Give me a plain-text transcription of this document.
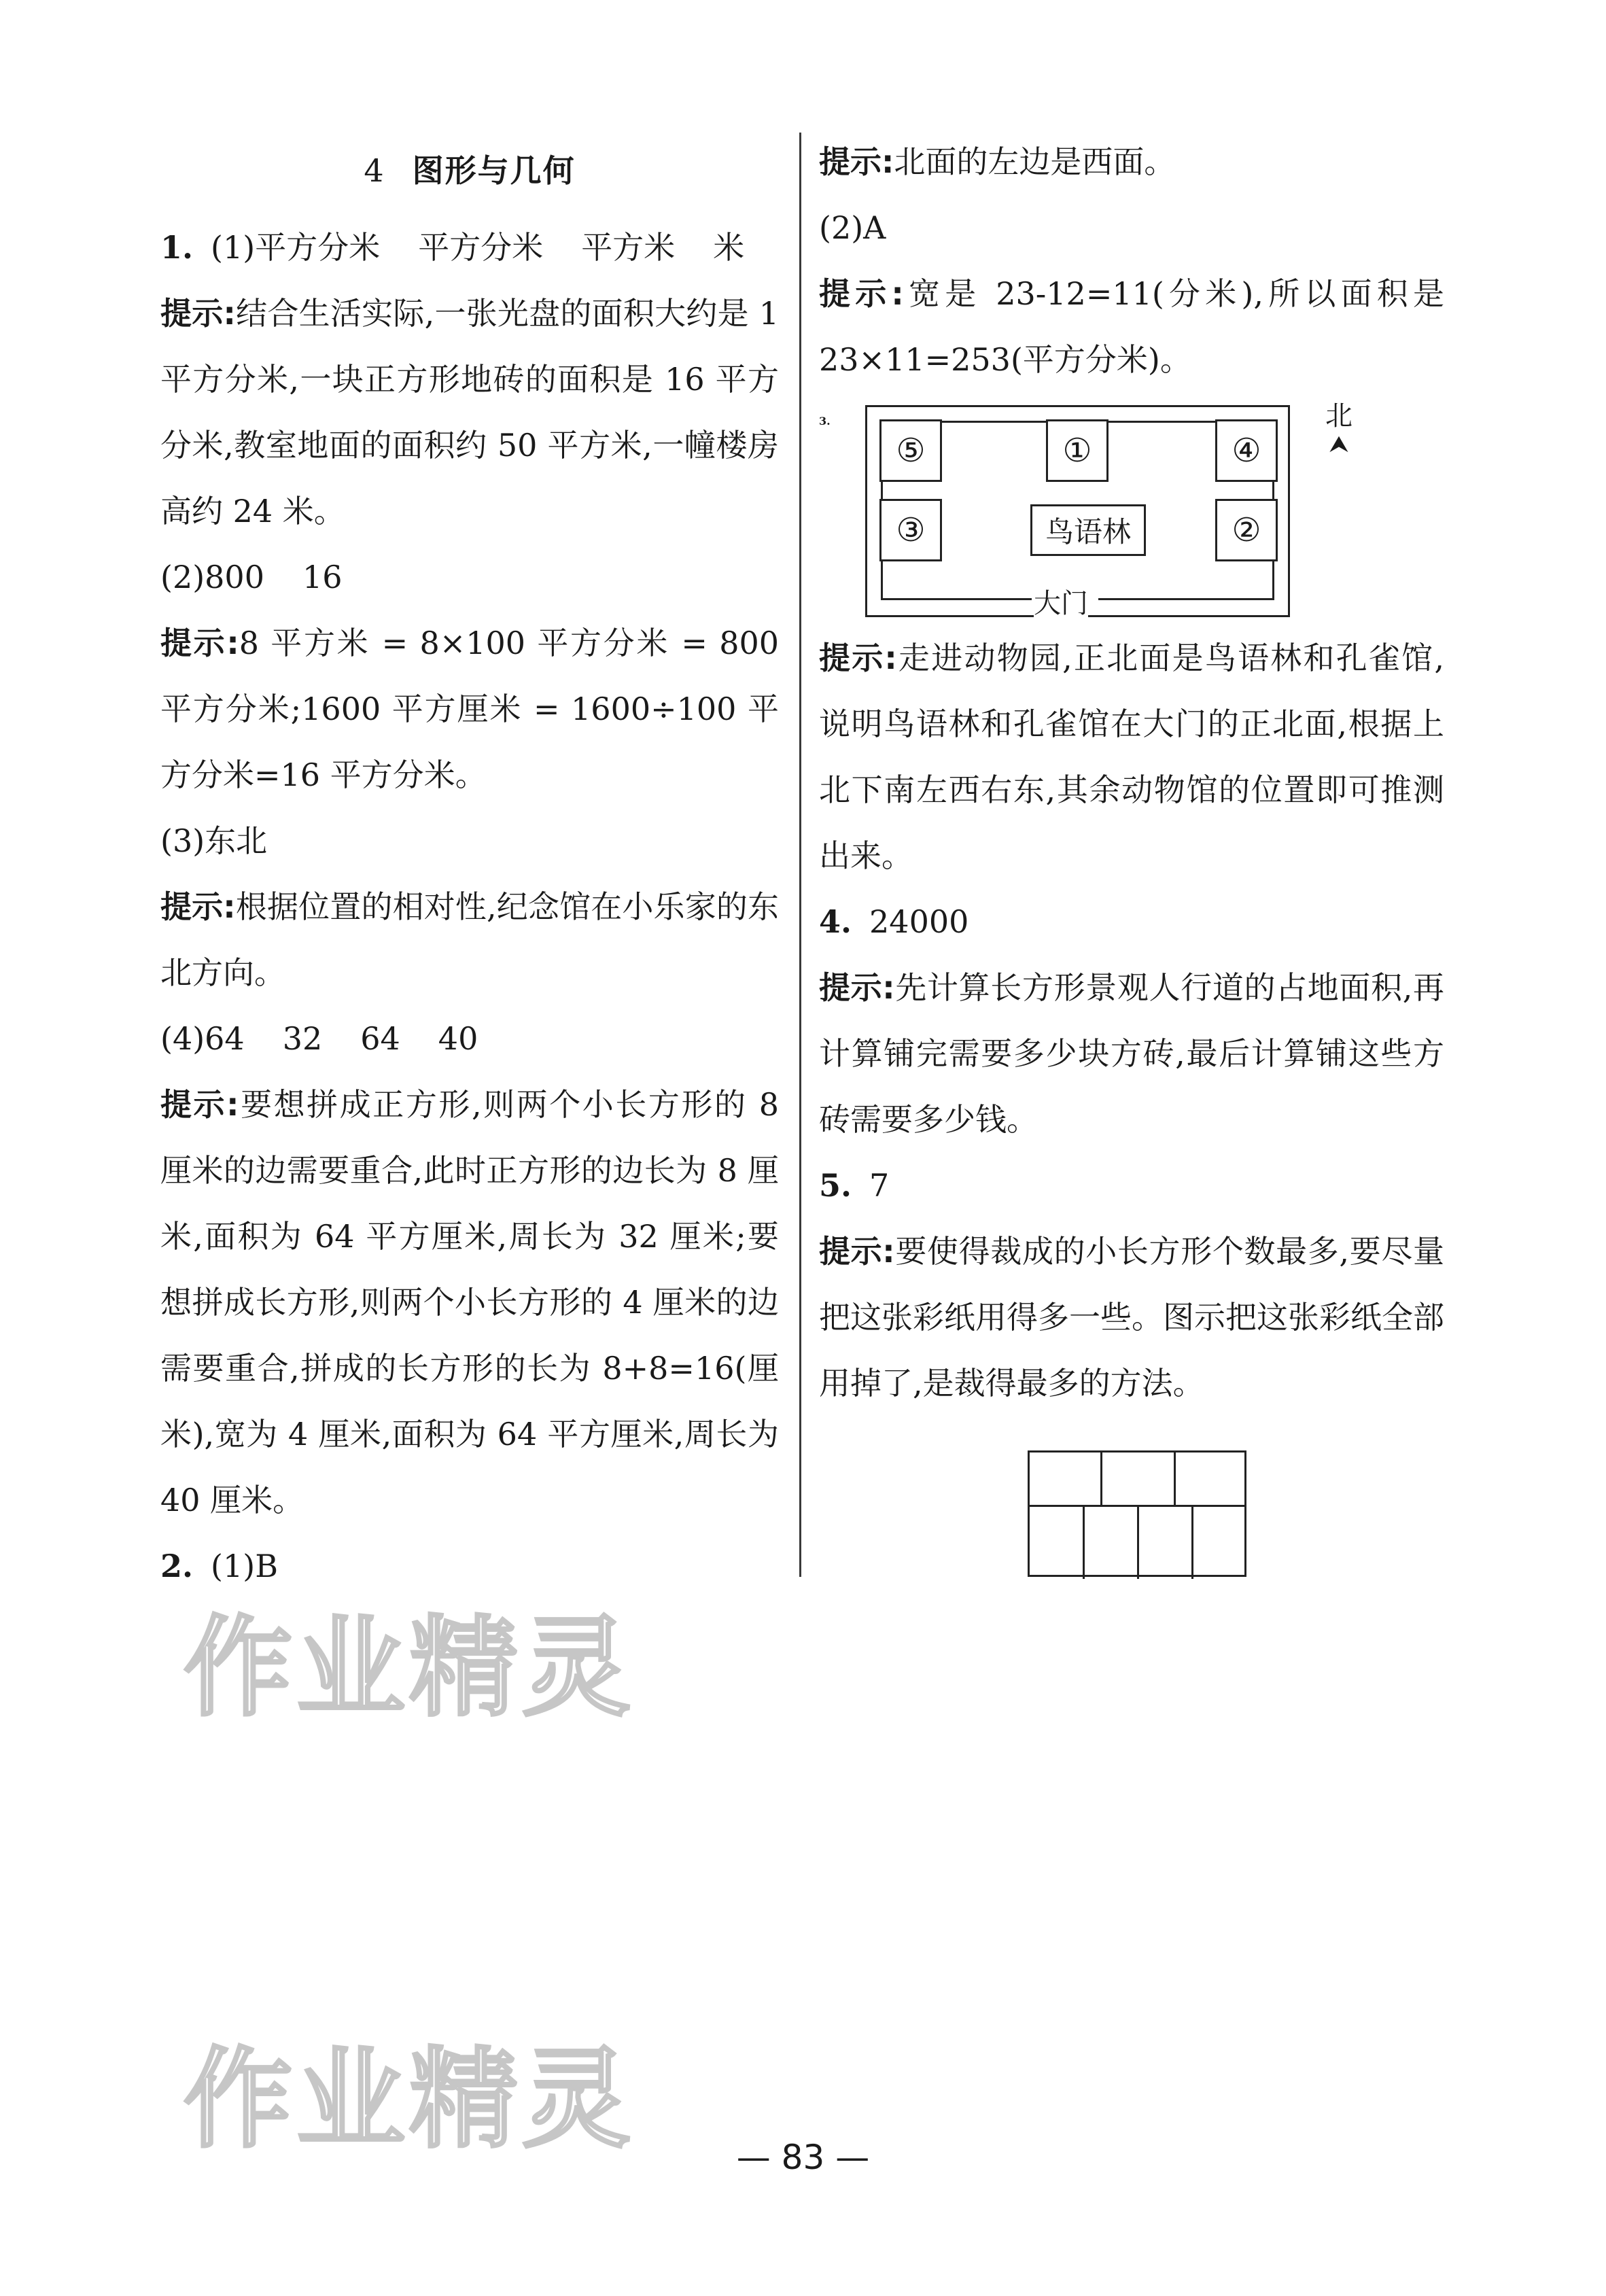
4 图形与几何

1. (1)平方分米 平方分米 平方米 米

提示:结合生活实际,一张光盘的面积大约是 1 平方分米,一块正方形地砖的面积是 16 平方分米,教室地面的面积约 50 平方米,一幢楼房高约 24 米。

(2)800 16

提示:8 平方米 = 8×100 平方分米 = 800 平方分米;1600 平方厘米 = 1600÷100 平方分米=16 平方分米。

(3)东北

提示:根据位置的相对性,纪念馆在小乐家的东北方向。

(4)64 32 64 40

提示:要想拼成正方形,则两个小长方形的 8 厘米的边需要重合,此时正方形的边长为 8 厘米,面积为 64 平方厘米,周长为 32 厘米;要想拼成长方形,则两个小长方形的 4 厘米的边需要重合,拼成的长方形的长为 8+8=16(厘米),宽为 4 厘米,面积为 64 平方厘米,周长为 40 厘米。

2. (1)B

提示:北面的左边是西面。

(2)A

提示:宽是 23-12=11(分米),所以面积是 23×11=253(平方分米)。

3.
大门
⑤	①	④
③	鸟语林	②
北
⮝

提示:走进动物园,正北面是鸟语林和孔雀馆,说明鸟语林和孔雀馆在大门的正北面,根据上北下南左西右东,其余动物馆的位置即可推测出来。

4. 24000

提示:先计算长方形景观人行道的占地面积,再计算铺完需要多少块方砖,最后计算铺这些方砖需要多少钱。

5. 7

提示:要使得裁成的小长方形个数最多,要尽量把这张彩纸用得多一些。图示把这张彩纸全部用掉了,是裁得最多的方法。

作业精灵
作业精灵	— 83 —
